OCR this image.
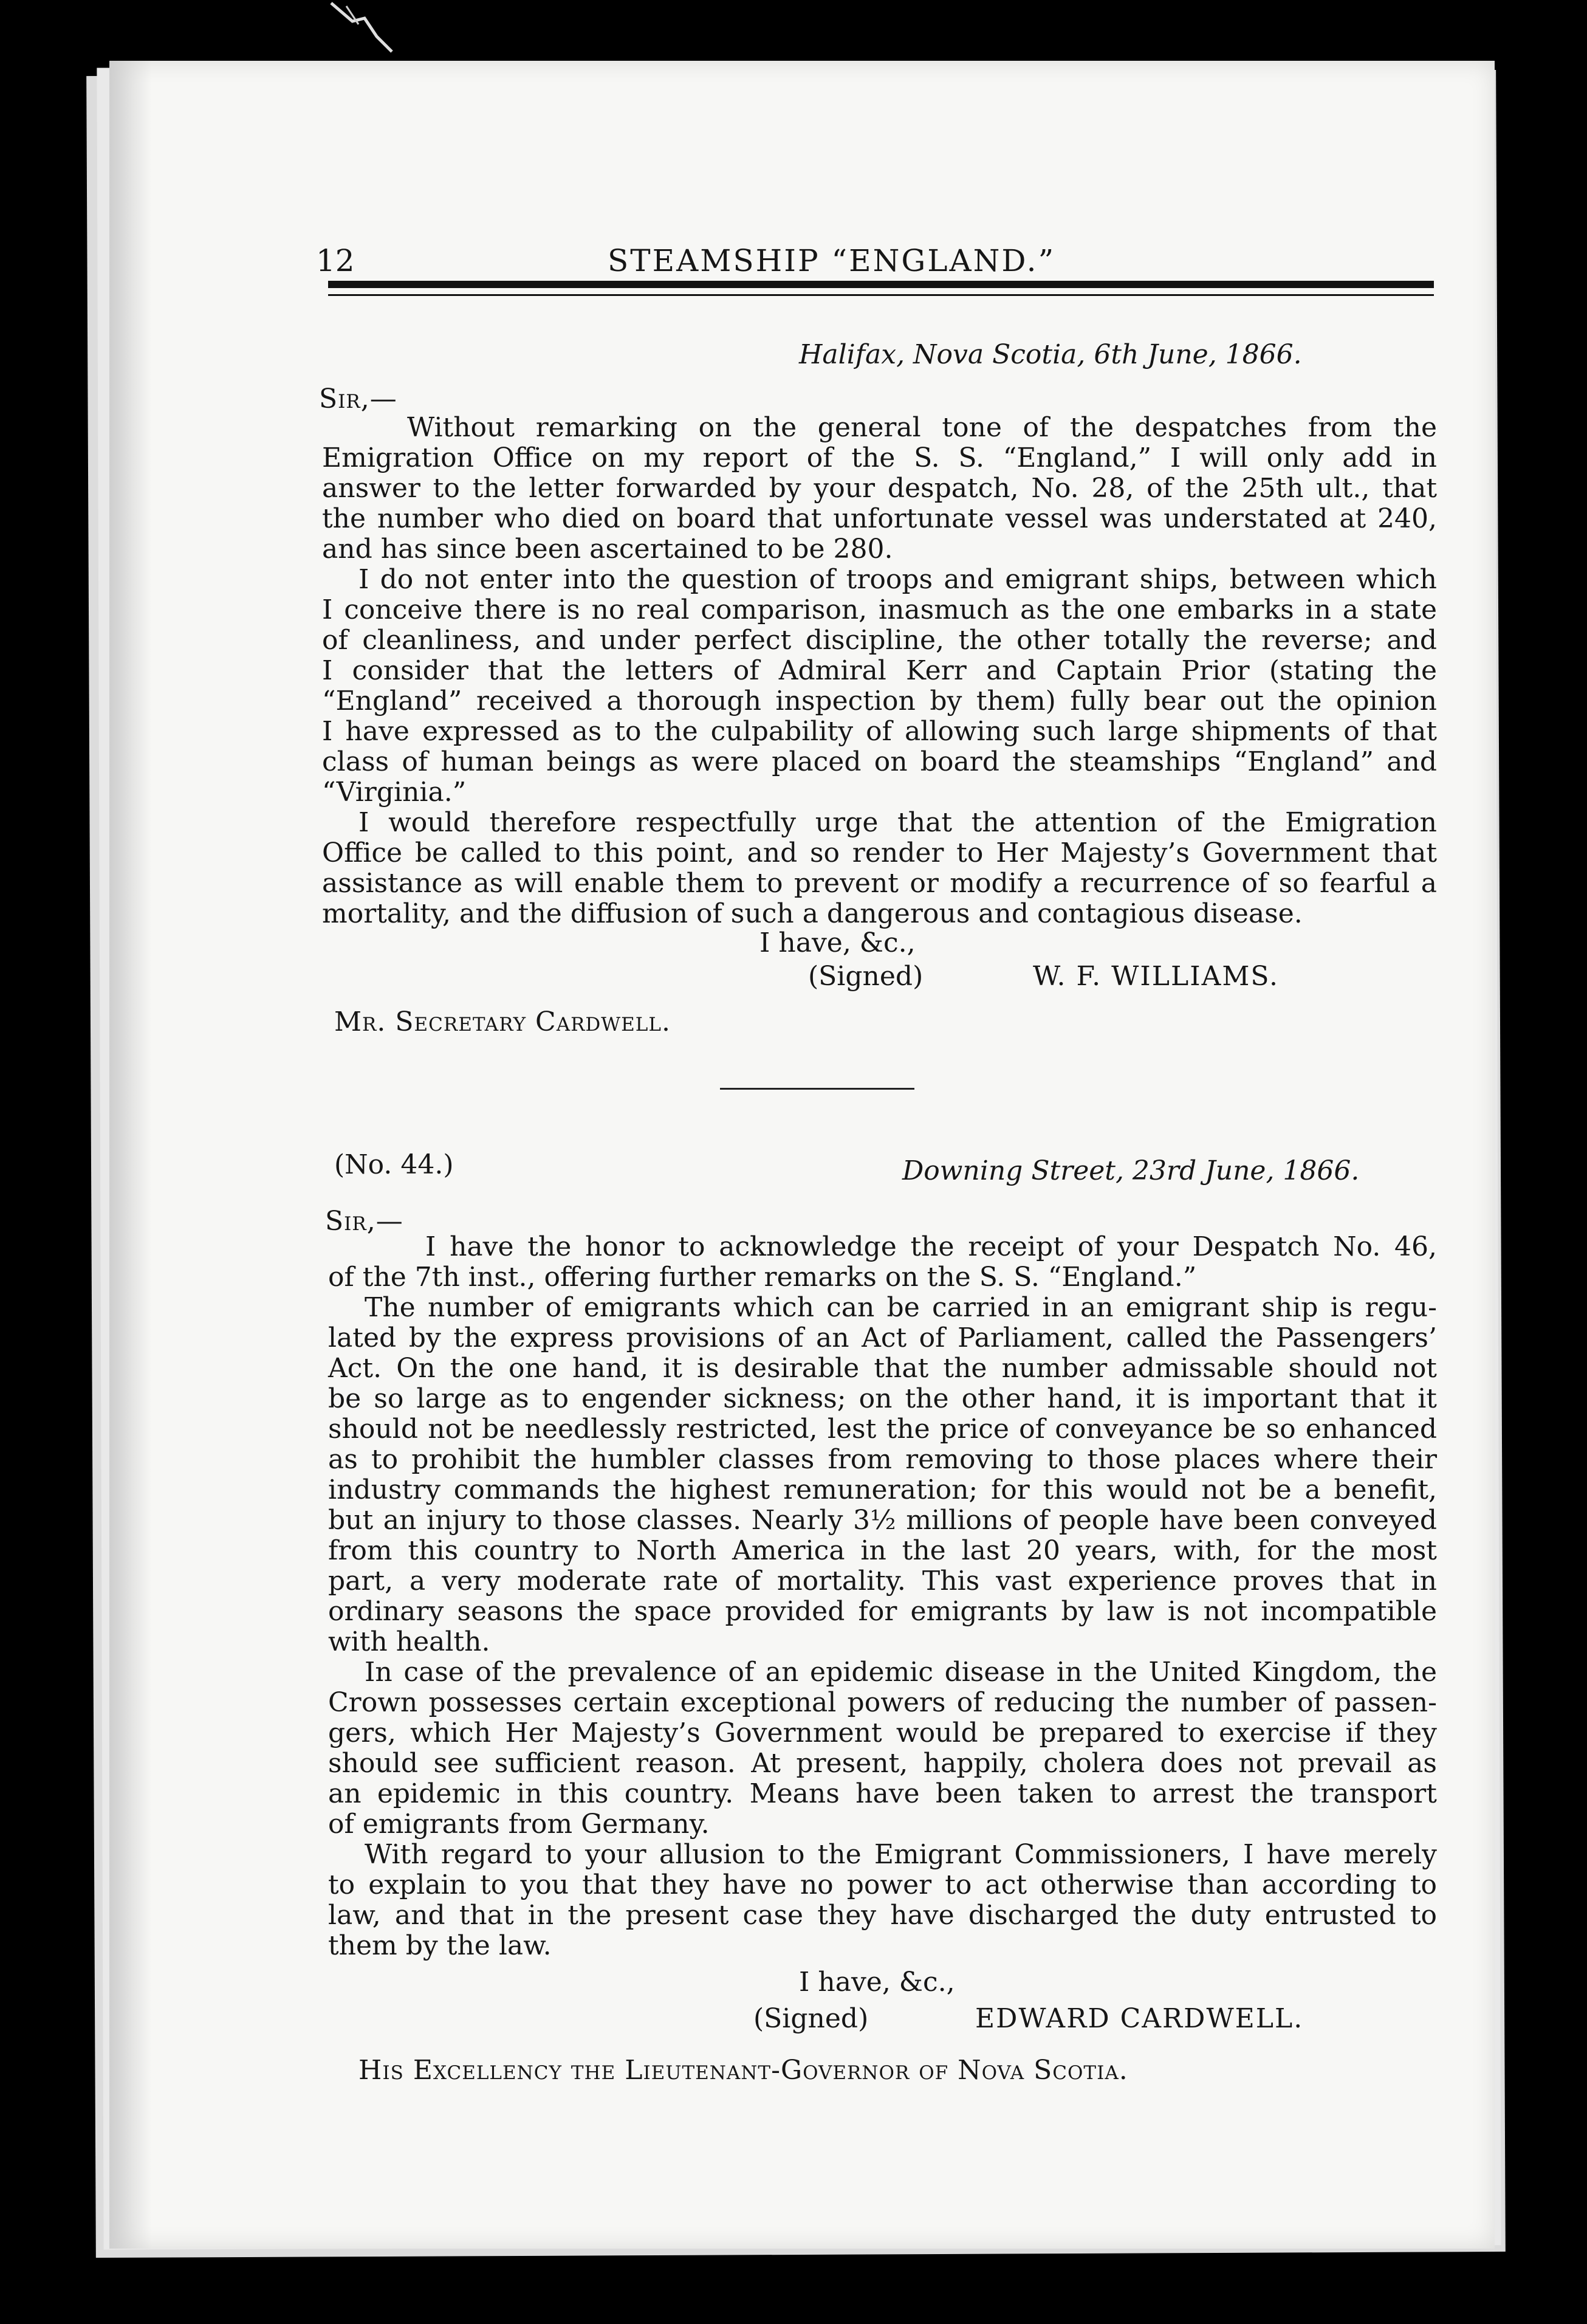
12	STEAMSHIP “ENGLAND.”
Halifax, Nova Scotia, 6th June, 1866.
Sir,—
Without remarking on the general tone of the despatches from the
Emigration Office on my report of the S. S. “England,” I will only add in
answer to the letter forwarded by your despatch, No. 28, of the 25th ult., that
the number who died on board that unfortunate vessel was understated at 240,
and has since been ascertained to be 280.
I do not enter into the question of troops and emigrant ships, between which
I conceive there is no real comparison, inasmuch as the one embarks in a state
of cleanliness, and under perfect discipline, the other totally the reverse; and
I consider that the letters of Admiral Kerr and Captain Prior (stating the
“England” received a thorough inspection by them) fully bear out the opinion
I have expressed as to the culpability of allowing such large shipments of that
class of human beings as were placed on board the steamships “England” and
“Virginia.”
I would therefore respectfully urge that the attention of the Emigration
Office be called to this point, and so render to Her Majesty’s Government that
assistance as will enable them to prevent or modify a recurrence of so fearful a
mortality, and the diffusion of such a dangerous and contagious disease.
I have, &c.,
(Signed)	W. F. WILLIAMS.
Mr. Secretary Cardwell.
(No. 44.)	Downing Street, 23rd June, 1866.
Sir,—
I have the honor to acknowledge the receipt of your Despatch No. 46,
of the 7th inst., offering further remarks on the S. S. “England.”
The number of emigrants which can be carried in an emigrant ship is regu-
lated by the express provisions of an Act of Parliament, called the Passengers’
Act. On the one hand, it is desirable that the number admissable should not
be so large as to engender sickness; on the other hand, it is important that it
should not be needlessly restricted, lest the price of conveyance be so enhanced
as to prohibit the humbler classes from removing to those places where their
industry commands the highest remuneration; for this would not be a benefit,
but an injury to those classes. Nearly 3½ millions of people have been conveyed
from this country to North America in the last 20 years, with, for the most
part, a very moderate rate of mortality. This vast experience proves that in
ordinary seasons the space provided for emigrants by law is not incompatible
with health.
In case of the prevalence of an epidemic disease in the United Kingdom, the
Crown possesses certain exceptional powers of reducing the number of passen-
gers, which Her Majesty’s Government would be prepared to exercise if they
should see sufficient reason. At present, happily, cholera does not prevail as
an epidemic in this country. Means have been taken to arrest the transport
of emigrants from Germany.
With regard to your allusion to the Emigrant Commissioners, I have merely
to explain to you that they have no power to act otherwise than according to
law, and that in the present case they have discharged the duty entrusted to
them by the law.
I have, &c.,
(Signed)	EDWARD CARDWELL.
His Excellency the Lieutenant-Governor of Nova Scotia.
